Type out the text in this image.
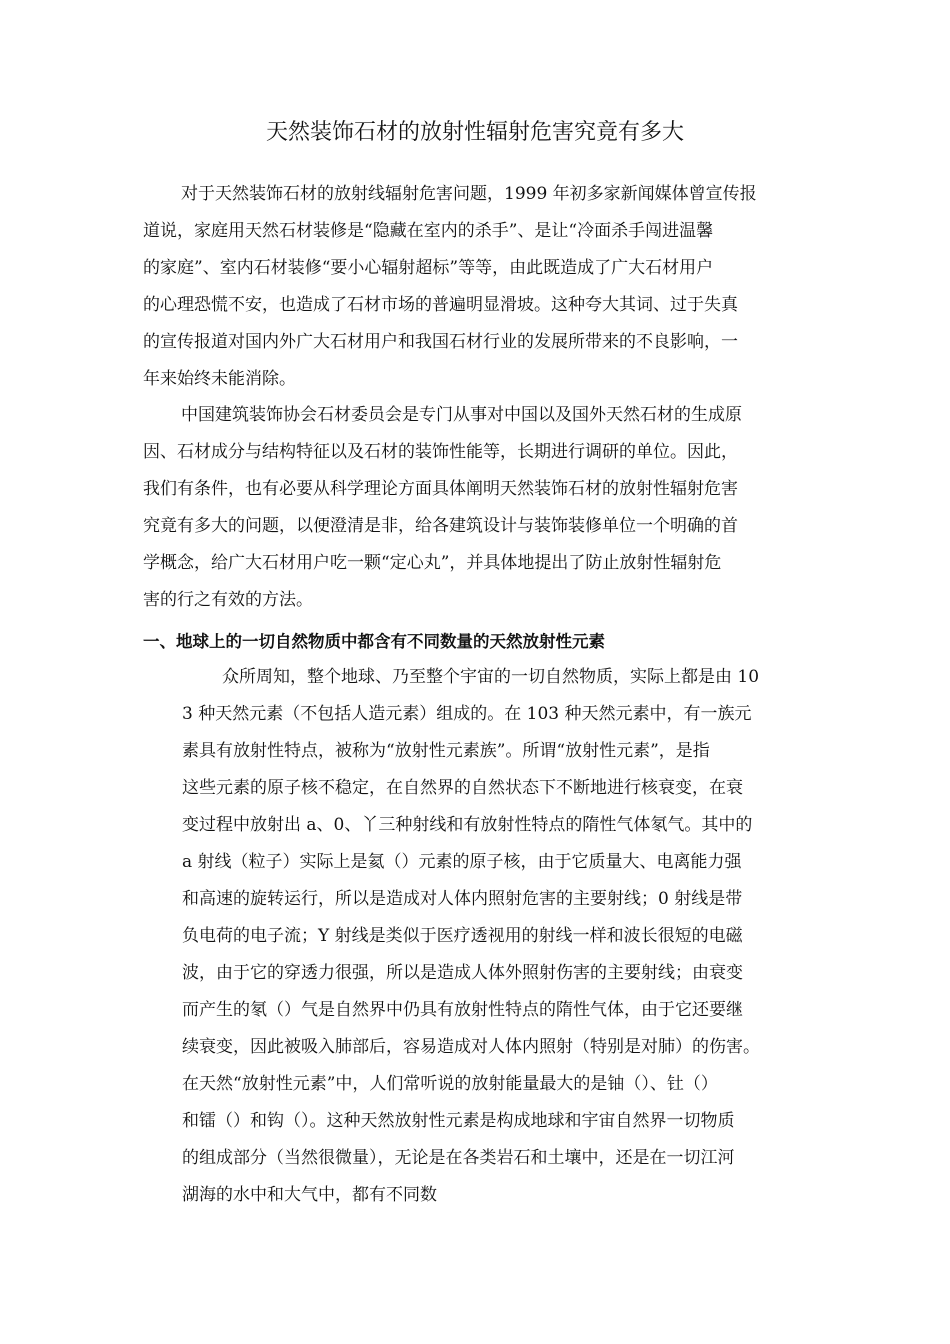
天然装饰石材的放射性辐射危害究竟有多大
对于天然装饰石材的放射线辐射危害问题，1999 年初多家新闻媒体曾宣传报
道说，家庭用天然石材装修是“隐藏在室内的杀手”、是让“冷面杀手闯进温馨
的家庭”、室内石材装修“要小心辐射超标”等等，由此既造成了广大石材用户
的心理恐慌不安，也造成了石材市场的普遍明显滑坡。这种夸大其词、过于失真
的宣传报道对国内外广大石材用户和我国石材行业的发展所带来的不良影响，一
年来始终未能消除。
中国建筑装饰协会石材委员会是专门从事对中国以及国外天然石材的生成原
因、石材成分与结构特征以及石材的装饰性能等，长期进行调研的单位。因此，
我们有条件，也有必要从科学理论方面具体阐明天然装饰石材的放射性辐射危害
究竟有多大的问题，以便澄清是非，给各建筑设计与装饰装修单位一个明确的首
学概念，给广大石材用户吃一颗“定心丸”，并具体地提出了防止放射性辐射危
害的行之有效的方法。
一、地球上的一切自然物质中都含有不同数量的天然放射性元素
众所周知，整个地球、乃至整个宇宙的一切自然物质，实际上都是由 10
3 种天然元素（不包括人造元素）组成的。在 103 种天然元素中，有一族元
素具有放射性特点，被称为“放射性元素族”。所谓“放射性元素”，是指
这些元素的原子核不稳定，在自然界的自然状态下不断地进行核衰变，在衰
变过程中放射出 a、0、丫三种射线和有放射性特点的隋性气体氡气。其中的
a 射线（粒子）实际上是氦（）元素的原子核，由于它质量大、电离能力强
和高速的旋转运行，所以是造成对人体内照射危害的主要射线；0 射线是带
负电荷的电子流；Y 射线是类似于医疗透视用的射线一样和波长很短的电磁
波，由于它的穿透力很强，所以是造成人体外照射伤害的主要射线；由衰变
而产生的氡（）气是自然界中仍具有放射性特点的隋性气体，由于它还要继
续衰变，因此被吸入肺部后，容易造成对人体内照射（特别是对肺）的伤害。
在天然“放射性元素”中，人们常听说的放射能量最大的是铀（）、钍（）
和镭（）和钩（）。这种天然放射性元素是构成地球和宇宙自然界一切物质
的组成部分（当然很微量），无论是在各类岩石和土壤中，还是在一切江河
湖海的水中和大气中，都有不同数
